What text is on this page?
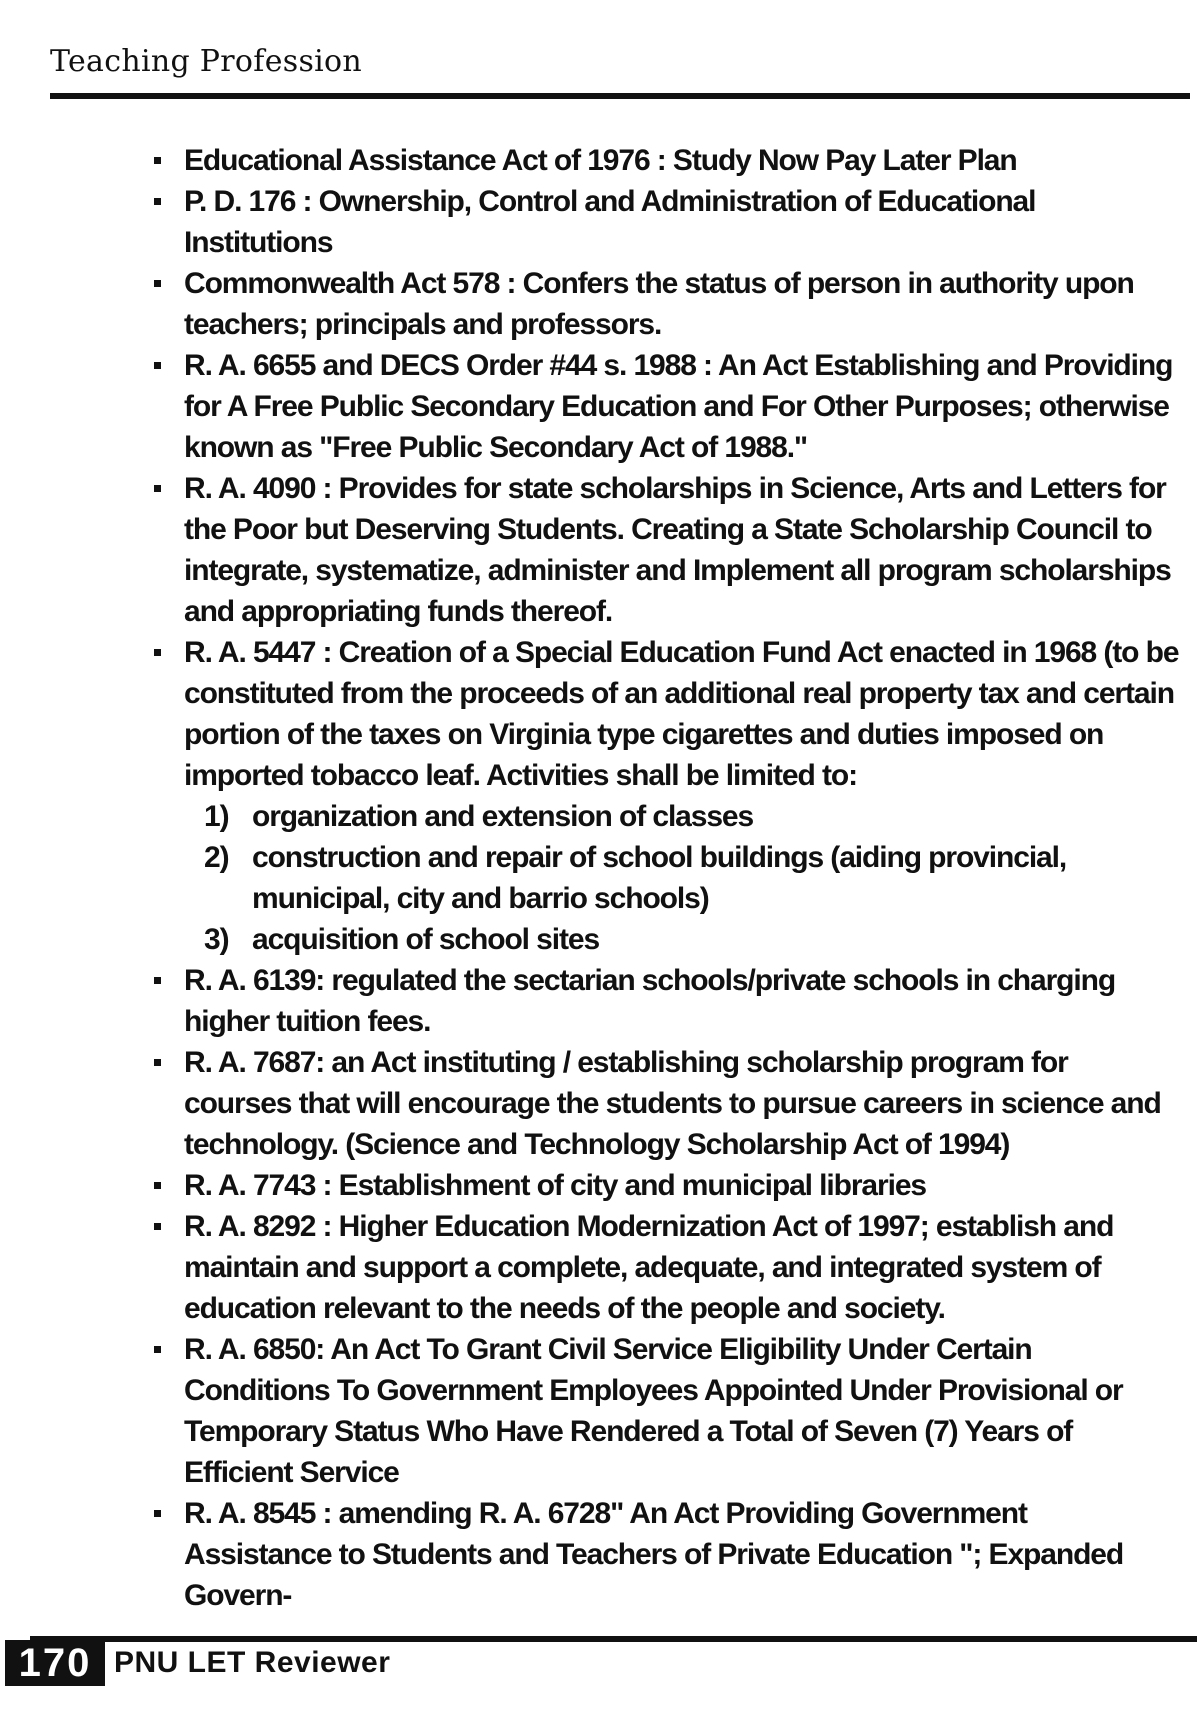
Teaching Profession
Educational Assistance Act of 1976 : Study Now Pay Later Plan
P. D. 176 : Ownership, Control and Administration of Educational Institutions
Commonwealth Act 578 : Confers the status of person in authority upon teachers; principals and professors.
R. A. 6655 and DECS Order #44 s. 1988 : An Act Establishing and Providing for A Free Public Secondary Education and For Other Purposes; otherwise known as "Free Public Secondary Act of 1988."
R. A. 4090 : Provides for state scholarships in Science, Arts and Letters for the Poor but Deserving Students. Creating a State Scholarship Council to integrate, systematize, administer and Implement all program scholarships and appropriating funds thereof.
R. A. 5447 : Creation of a Special Education Fund Act enacted in 1968 (to be constituted from the proceeds of an additional real property tax and certain portion of the taxes on Virginia type cigarettes and duties imposed on imported tobacco leaf. Activities shall be limited to:
1) organization and extension of classes
2) construction and repair of school buildings (aiding provincial, municipal, city and barrio schools)
3) acquisition of school sites
R. A. 6139: regulated the sectarian schools/private schools in charging higher tuition fees.
R. A. 7687: an Act instituting / establishing scholarship program for courses that will encourage the students to pursue careers in science and technology. (Science and Technology Scholarship Act of 1994)
R. A. 7743 : Establishment of city and municipal libraries
R. A. 8292 : Higher Education Modernization Act of 1997; establish and maintain and support a complete, adequate, and integrated system of education relevant to the needs of the people and society.
R. A. 6850: An Act To Grant Civil Service Eligibility Under Certain Conditions To Government Employees Appointed Under Provisional or Temporary Status Who Have Rendered a Total of Seven (7) Years of Efficient Service
R. A. 8545 : amending R. A. 6728" An Act Providing Government Assistance to Students and Teachers of Private Education "; Expanded Govern-
170 PNU LET Reviewer
